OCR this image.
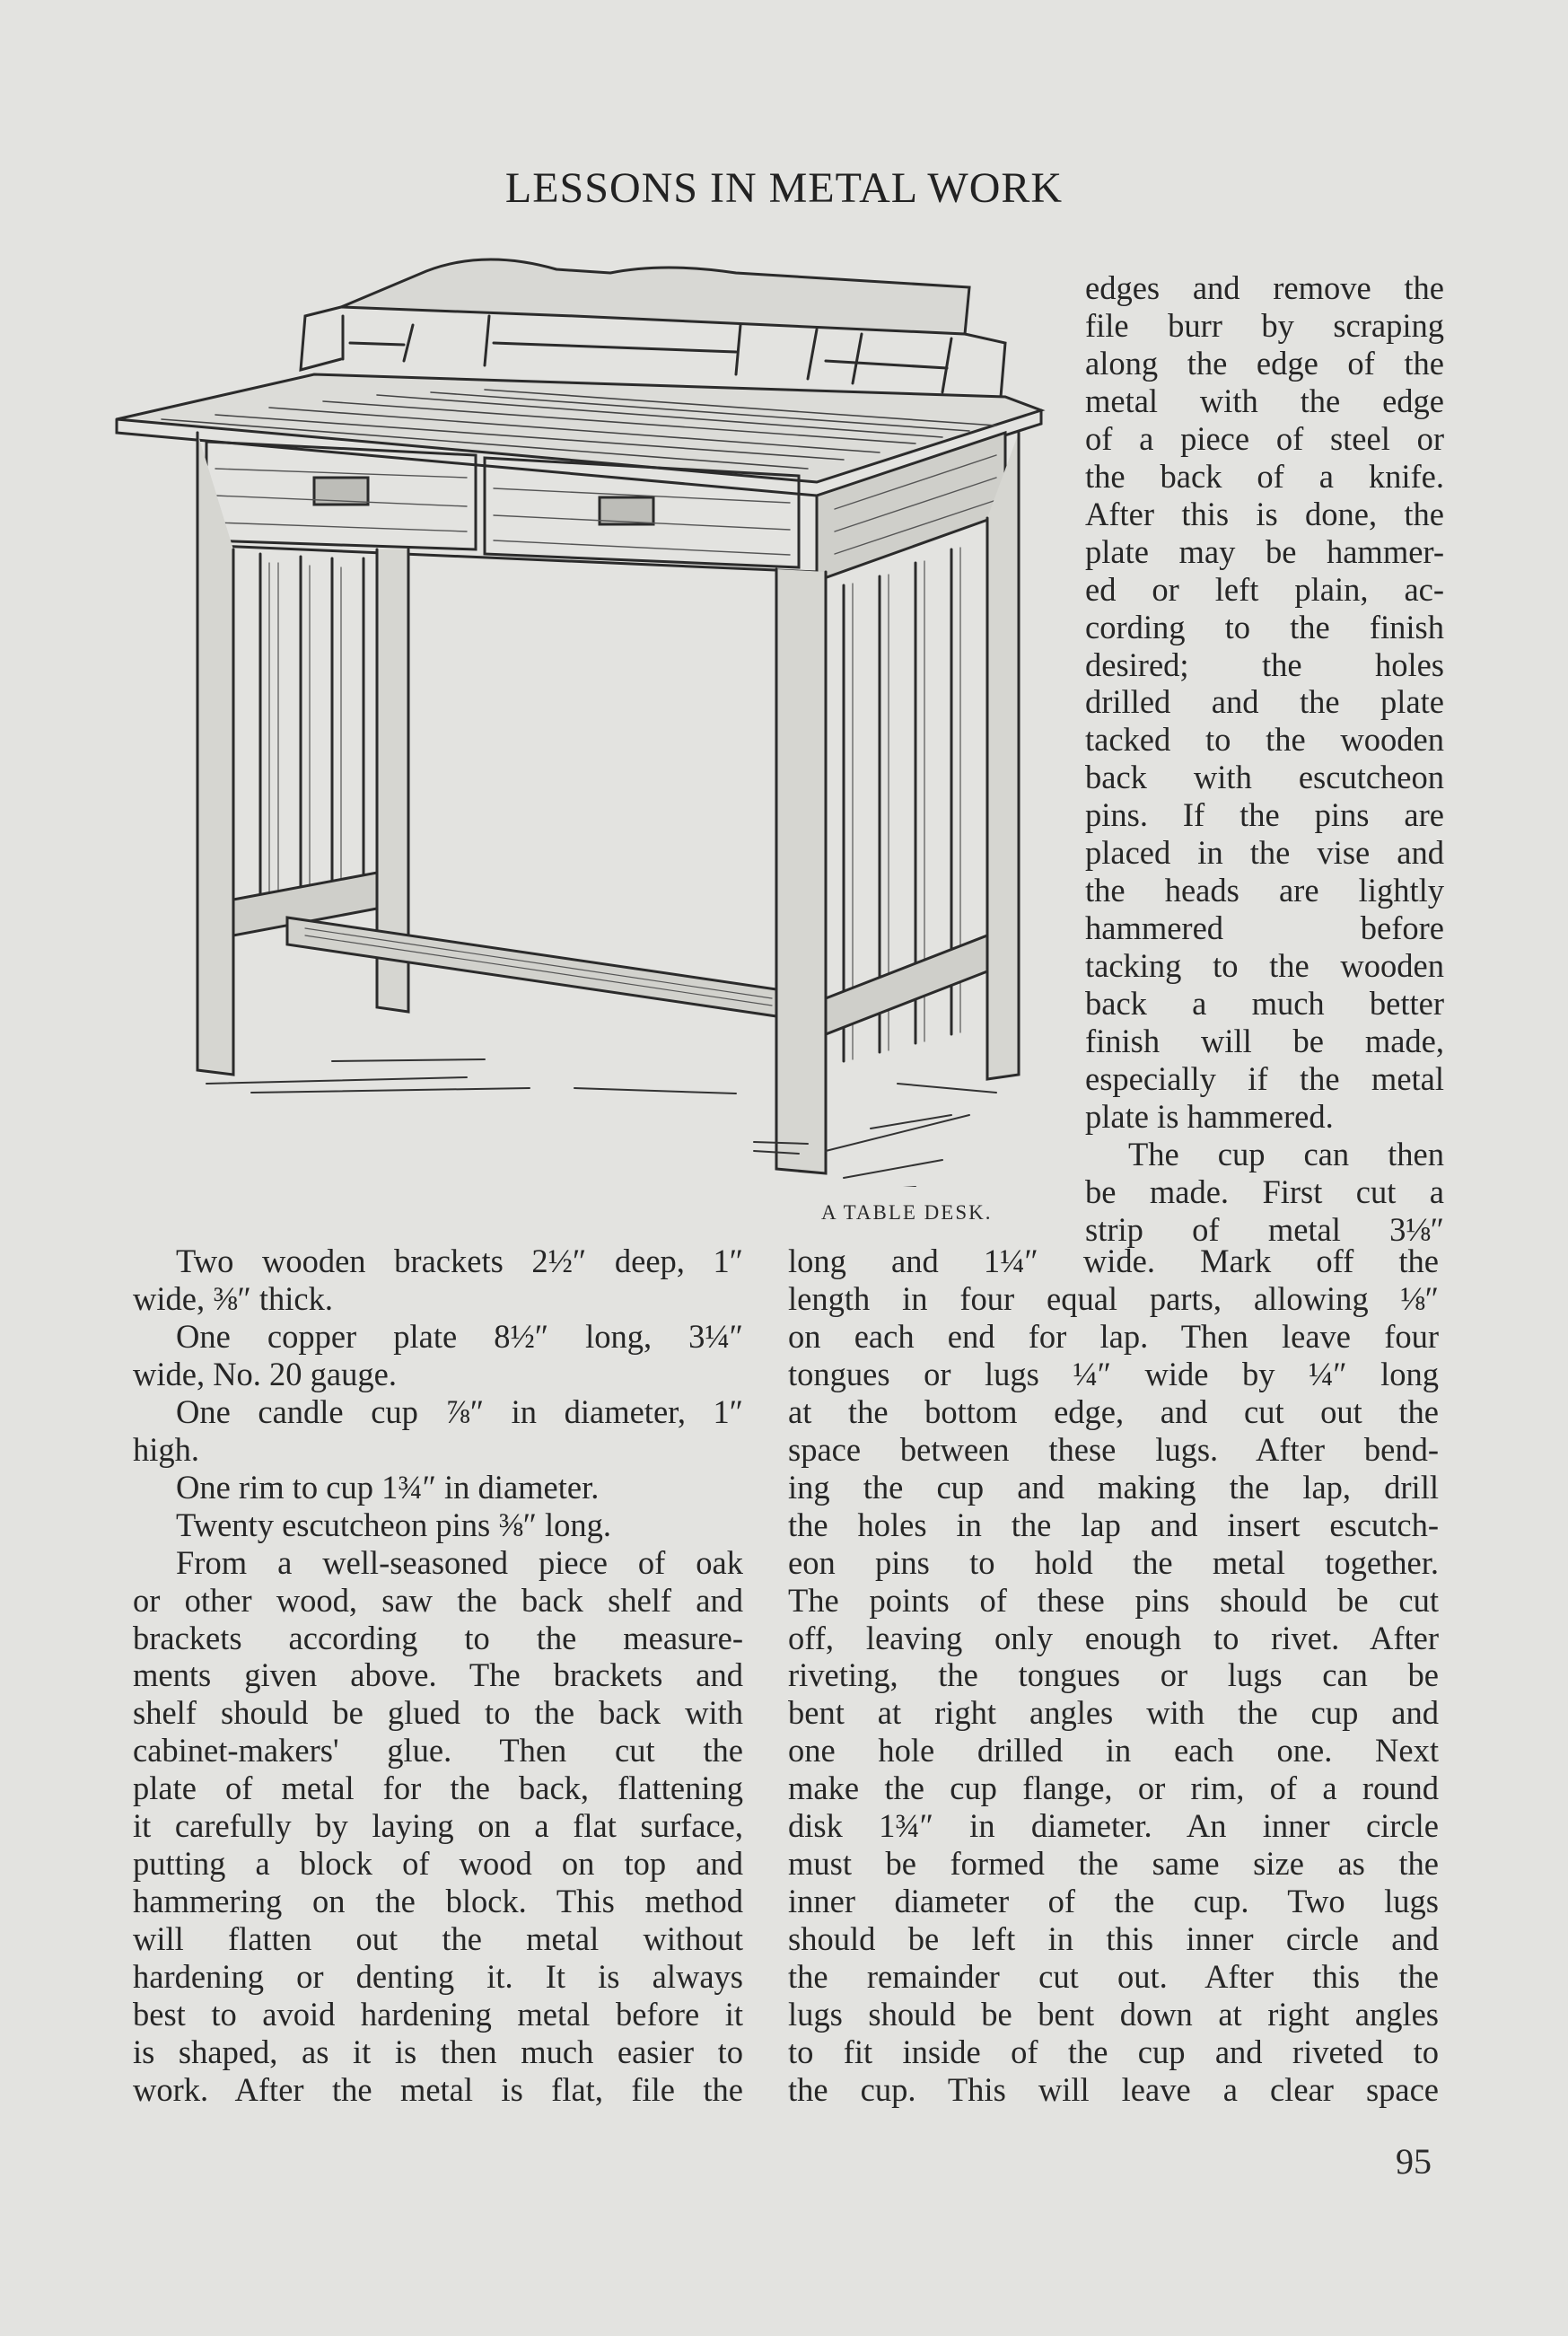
LESSONS IN METAL WORK
A TABLE DESK.
edges and remove the
file burr by scraping
along the edge of the
metal with the edge
of a piece of steel or
the back of a knife.
After this is done, the
plate may be hammer-
ed or left plain, ac-
cording to the finish
desired; the holes
drilled and the plate
tacked to the wooden
back with escutcheon
pins. If the pins are
placed in the vise and
the heads are lightly
hammered before
tacking to the wooden
back a much better
finish will be made,
especially if the metal
plate is hammered.
The cup can then
be made. First cut a
strip of metal 3⅛″
Two wooden brackets 2½″ deep, 1″
wide, ⅜″ thick.
One copper plate 8½″ long, 3¼″
wide, No. 20 gauge.
One candle cup ⅞″ in diameter, 1″
high.
One rim to cup 1¾″ in diameter.
Twenty escutcheon pins ⅜″ long.
From a well-seasoned piece of oak
or other wood, saw the back shelf and
brackets according to the measure-
ments given above. The brackets and
shelf should be glued to the back with
cabinet-makers' glue. Then cut the
plate of metal for the back, flattening
it carefully by laying on a flat surface,
putting a block of wood on top and
hammering on the block. This method
will flatten out the metal without
hardening or denting it. It is always
best to avoid hardening metal before it
is shaped, as it is then much easier to
work. After the metal is flat, file the
long and 1¼″ wide. Mark off the
length in four equal parts, allowing ⅛″
on each end for lap. Then leave four
tongues or lugs ¼″ wide by ¼″ long
at the bottom edge, and cut out the
space between these lugs. After bend-
ing the cup and making the lap, drill
the holes in the lap and insert escutch-
eon pins to hold the metal together.
The points of these pins should be cut
off, leaving only enough to rivet. After
riveting, the tongues or lugs can be
bent at right angles with the cup and
one hole drilled in each one. Next
make the cup flange, or rim, of a round
disk 1¾″ in diameter. An inner circle
must be formed the same size as the
inner diameter of the cup. Two lugs
should be left in this inner circle and
the remainder cut out. After this the
lugs should be bent down at right angles
to fit inside of the cup and riveted to
the cup. This will leave a clear space
95
